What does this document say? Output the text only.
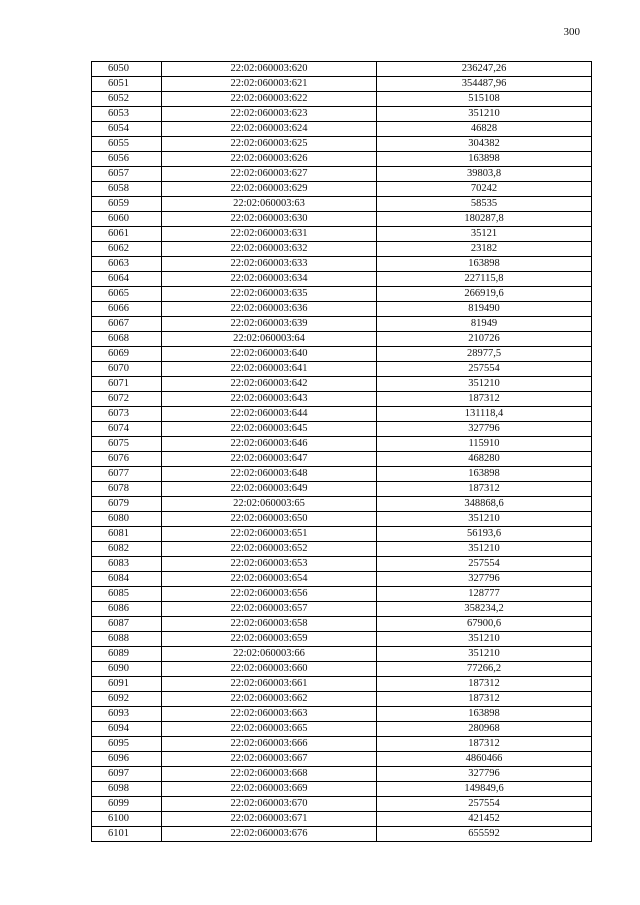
300
6050	22:02:060003:620	236247,26
6051	22:02:060003:621	354487,96
6052	22:02:060003:622	515108
6053	22:02:060003:623	351210
6054	22:02:060003:624	46828
6055	22:02:060003:625	304382
6056	22:02:060003:626	163898
6057	22:02:060003:627	39803,8
6058	22:02:060003:629	70242
6059	22:02:060003:63	58535
6060	22:02:060003:630	180287,8
6061	22:02:060003:631	35121
6062	22:02:060003:632	23182
6063	22:02:060003:633	163898
6064	22:02:060003:634	227115,8
6065	22:02:060003:635	266919,6
6066	22:02:060003:636	819490
6067	22:02:060003:639	81949
6068	22:02:060003:64	210726
6069	22:02:060003:640	28977,5
6070	22:02:060003:641	257554
6071	22:02:060003:642	351210
6072	22:02:060003:643	187312
6073	22:02:060003:644	131118,4
6074	22:02:060003:645	327796
6075	22:02:060003:646	115910
6076	22:02:060003:647	468280
6077	22:02:060003:648	163898
6078	22:02:060003:649	187312
6079	22:02:060003:65	348868,6
6080	22:02:060003:650	351210
6081	22:02:060003:651	56193,6
6082	22:02:060003:652	351210
6083	22:02:060003:653	257554
6084	22:02:060003:654	327796
6085	22:02:060003:656	128777
6086	22:02:060003:657	358234,2
6087	22:02:060003:658	67900,6
6088	22:02:060003:659	351210
6089	22:02:060003:66	351210
6090	22:02:060003:660	77266,2
6091	22:02:060003:661	187312
6092	22:02:060003:662	187312
6093	22:02:060003:663	163898
6094	22:02:060003:665	280968
6095	22:02:060003:666	187312
6096	22:02:060003:667	4860466
6097	22:02:060003:668	327796
6098	22:02:060003:669	149849,6
6099	22:02:060003:670	257554
6100	22:02:060003:671	421452
6101	22:02:060003:676	655592
